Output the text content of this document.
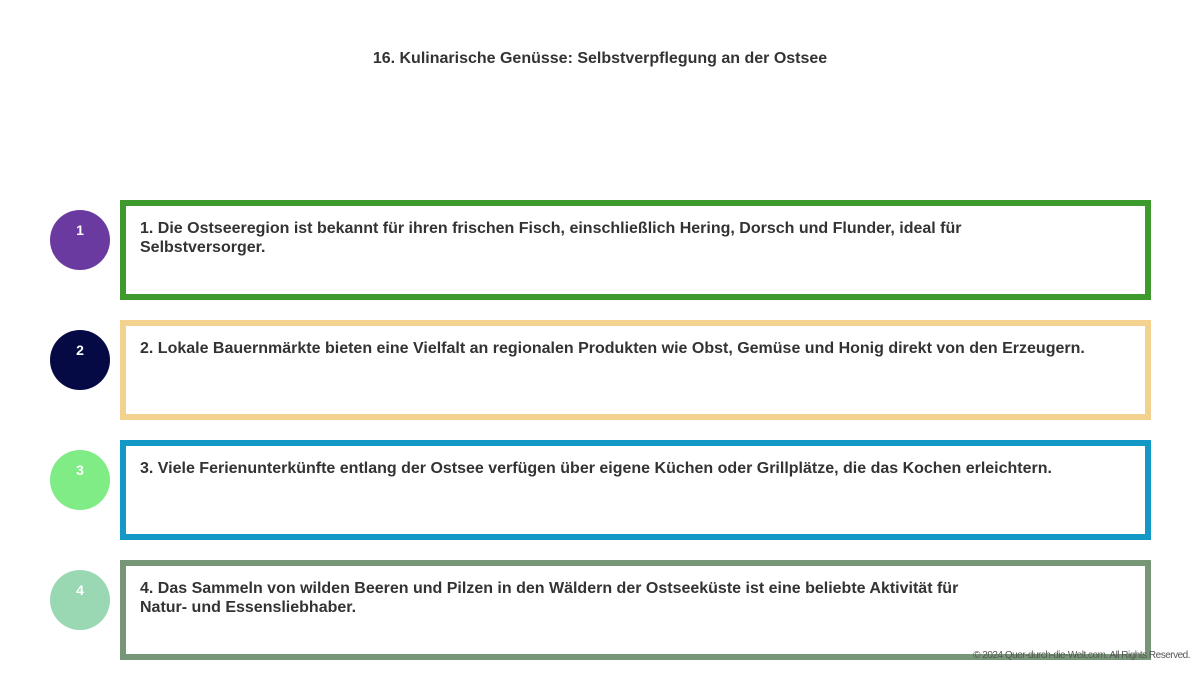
16. Kulinarische Genüsse: Selbstverpflegung an der Ostsee
1	1. Die Ostseeregion ist bekannt für ihren frischen Fisch, einschließlich Hering, Dorsch und Flunder, ideal für Selbstversorger.
2	2. Lokale Bauernmärkte bieten eine Vielfalt an regionalen Produkten wie Obst, Gemüse und Honig direkt von den Erzeugern.
3	3. Viele Ferienunterkünfte entlang der Ostsee verfügen über eigene Küchen oder Grillplätze, die das Kochen erleichtern.
4	4. Das Sammeln von wilden Beeren und Pilzen in den Wäldern der Ostseeküste ist eine beliebte Aktivität für Natur- und Essensliebhaber.
© 2024 Quer-durch-die-Welt.com. All Rights Reserved.
